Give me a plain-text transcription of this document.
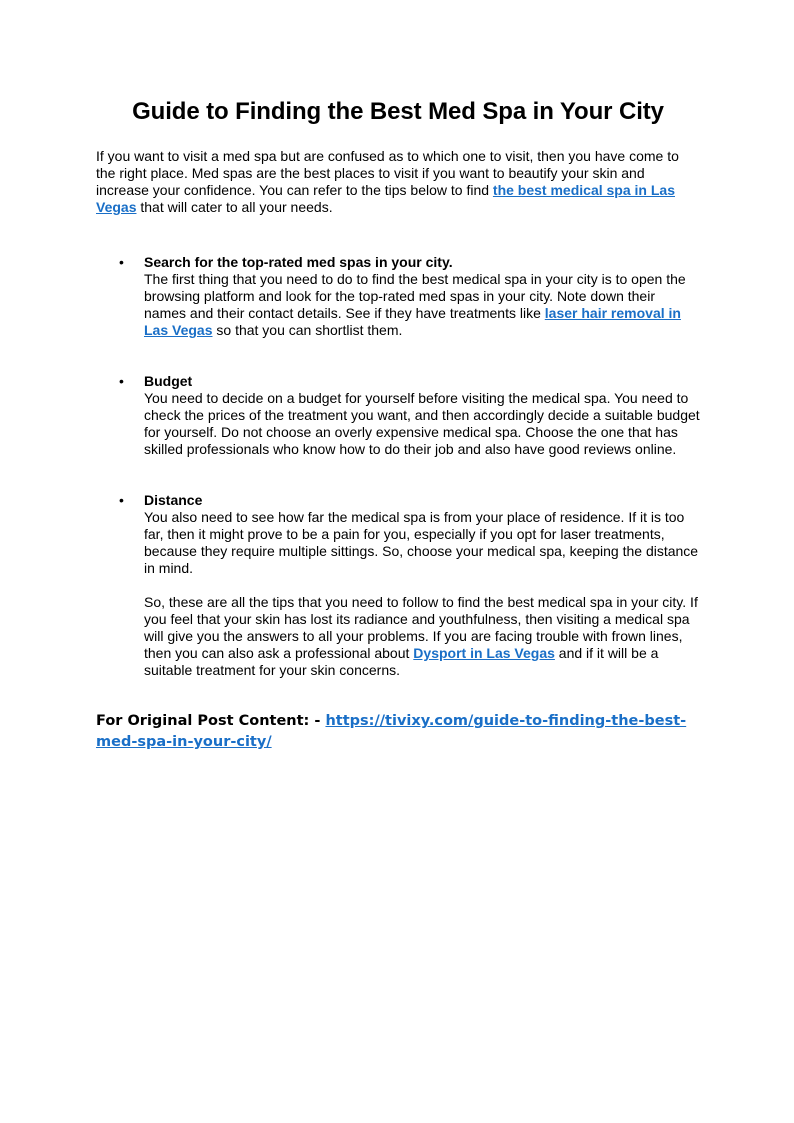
Guide to Finding the Best Med Spa in Your City

If you want to visit a med spa but are confused as to which one to visit, then you have come to the right place. Med spas are the best places to visit if you want to beautify your skin and increase your confidence. You can refer to the tips below to find the best medical spa in Las Vegas that will cater to all your needs.

• Search for the top-rated med spas in your city.
The first thing that you need to do to find the best medical spa in your city is to open the browsing platform and look for the top-rated med spas in your city. Note down their names and their contact details. See if they have treatments like laser hair removal in Las Vegas so that you can shortlist them.
• Budget
You need to decide on a budget for yourself before visiting the medical spa. You need to check the prices of the treatment you want, and then accordingly decide a suitable budget for yourself. Do not choose an overly expensive medical spa. Choose the one that has skilled professionals who know how to do their job and also have good reviews online.
• Distance
You also need to see how far the medical spa is from your place of residence. If it is too far, then it might prove to be a pain for you, especially if you opt for laser treatments, because they require multiple sittings. So, choose your medical spa, keeping the distance in mind.

So, these are all the tips that you need to follow to find the best medical spa in your city. If you feel that your skin has lost its radiance and youthfulness, then visiting a medical spa will give you the answers to all your problems. If you are facing trouble with frown lines, then you can also ask a professional about Dysport in Las Vegas and if it will be a suitable treatment for your skin concerns.

For Original Post Content: - https://tivixy.com/guide-to-finding-the-best-med-spa-in-your-city/
